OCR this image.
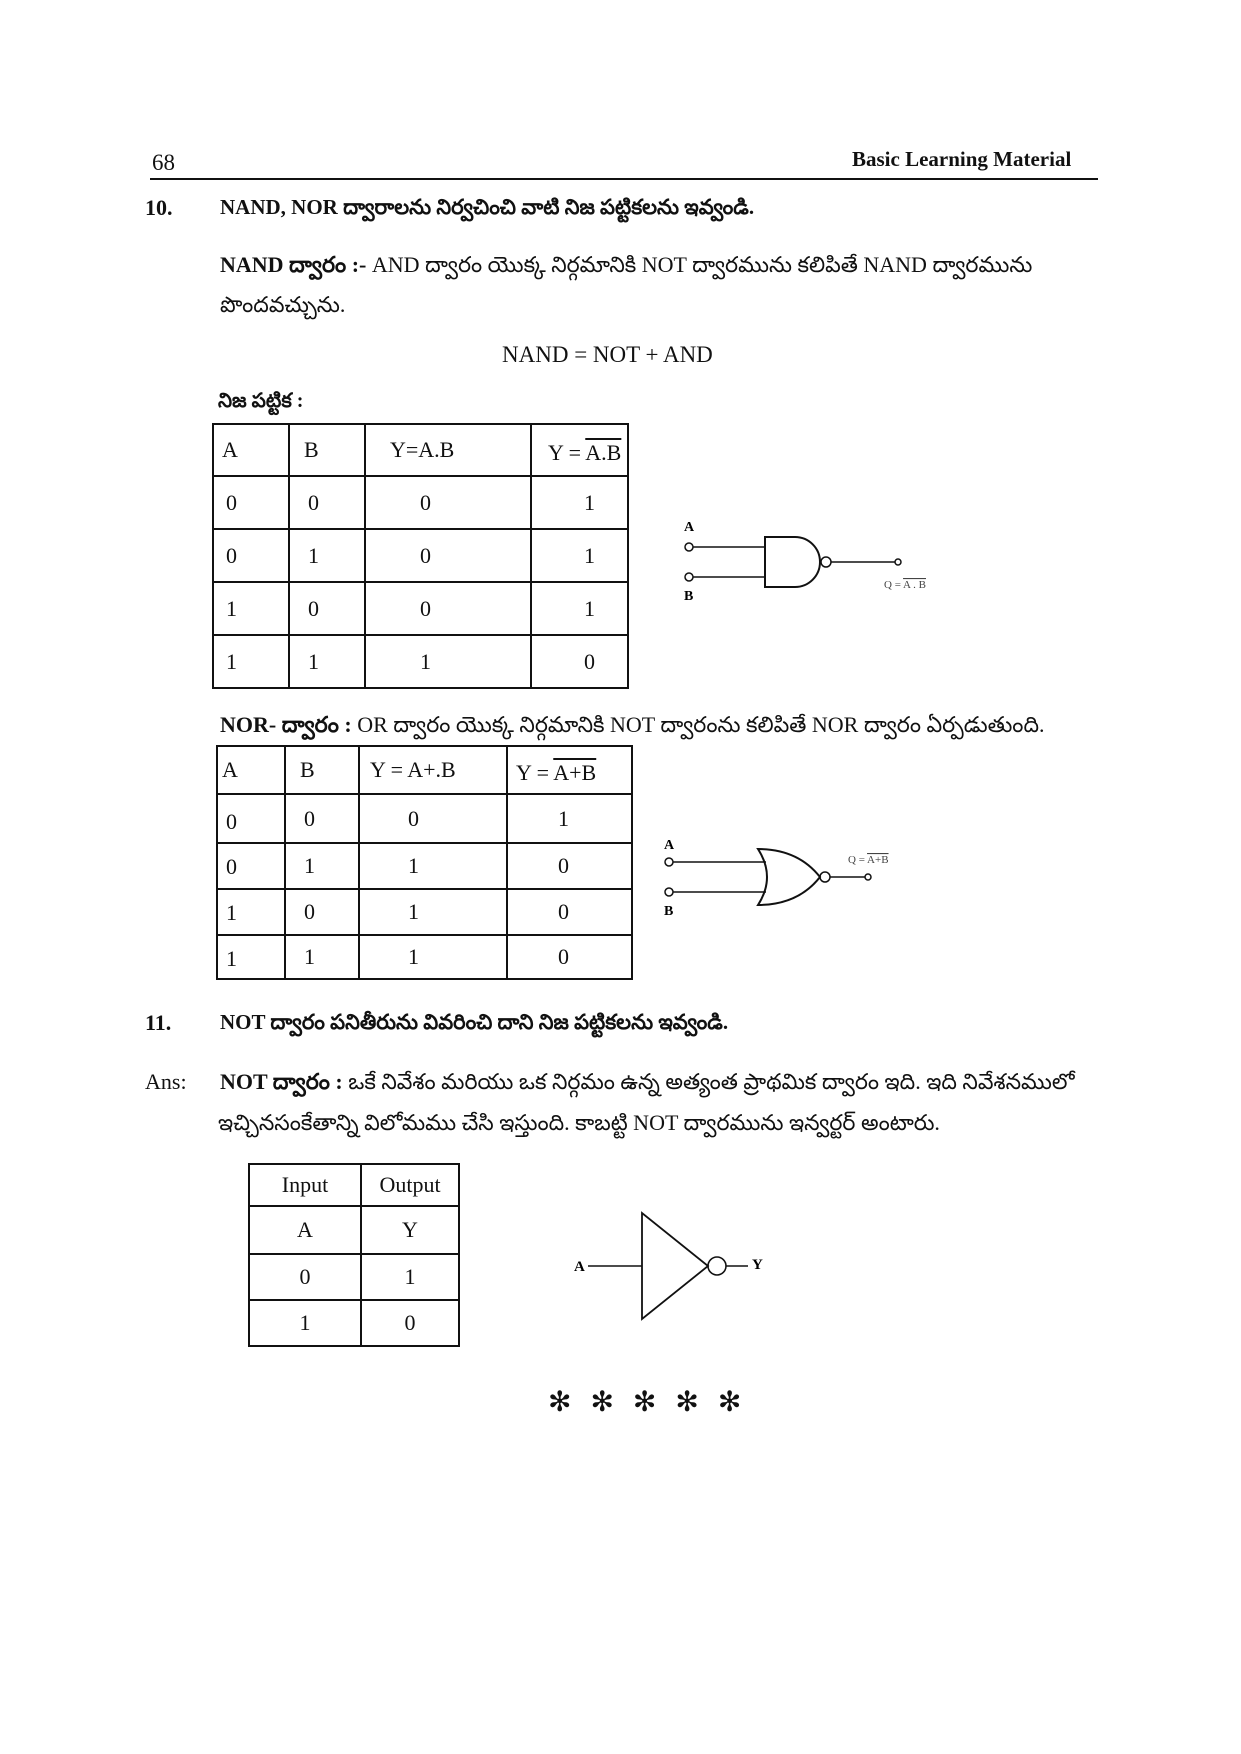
68	Basic Learning Material
10. NAND, NOR ద్వారాలను నిర్వచించి వాటి నిజ పట్టికలను ఇవ్వండి.
NAND ద్వారం :- AND ద్వారం యొక్క నిర్గమానికి NOT ద్వారమును కలిపితే NAND ద్వారమును
పొందవచ్చును.
NAND = NOT + AND
నిజ పట్టిక :
A	B	Y=A.B	Y = A.B
0	0	0	1
0	1	0	1
1	0	0	1
1	1	1	0
A
B
Q = A . B
NOR- ద్వారం : OR ద్వారం యొక్క నిర్గమానికి NOT ద్వారంను కలిపితే NOR ద్వారం ఏర్పడుతుంది.
A	B	Y = A+.B	Y = A+B
0	0	0	1
0	1	1	0
1	0	1	0
1	1	1	0
A
B
Q = A+B
11. NOT ద్వారం పనితీరును వివరించి దాని నిజ పట్టికలను ఇవ్వండి.
Ans: NOT ద్వారం : ఒకే నివేశం మరియు ఒక నిర్గమం ఉన్న అత్యంత ప్రాథమిక ద్వారం ఇది. ఇది నివేశనములో
ఇచ్చినసంకేతాన్ని విలోమము చేసి ఇస్తుంది. కాబట్టి NOT ద్వారమును ఇన్వర్టర్ అంటారు.
Input	Output
A	Y
0	1
1	0
A	Y
✻ ✻ ✻ ✻ ✻
